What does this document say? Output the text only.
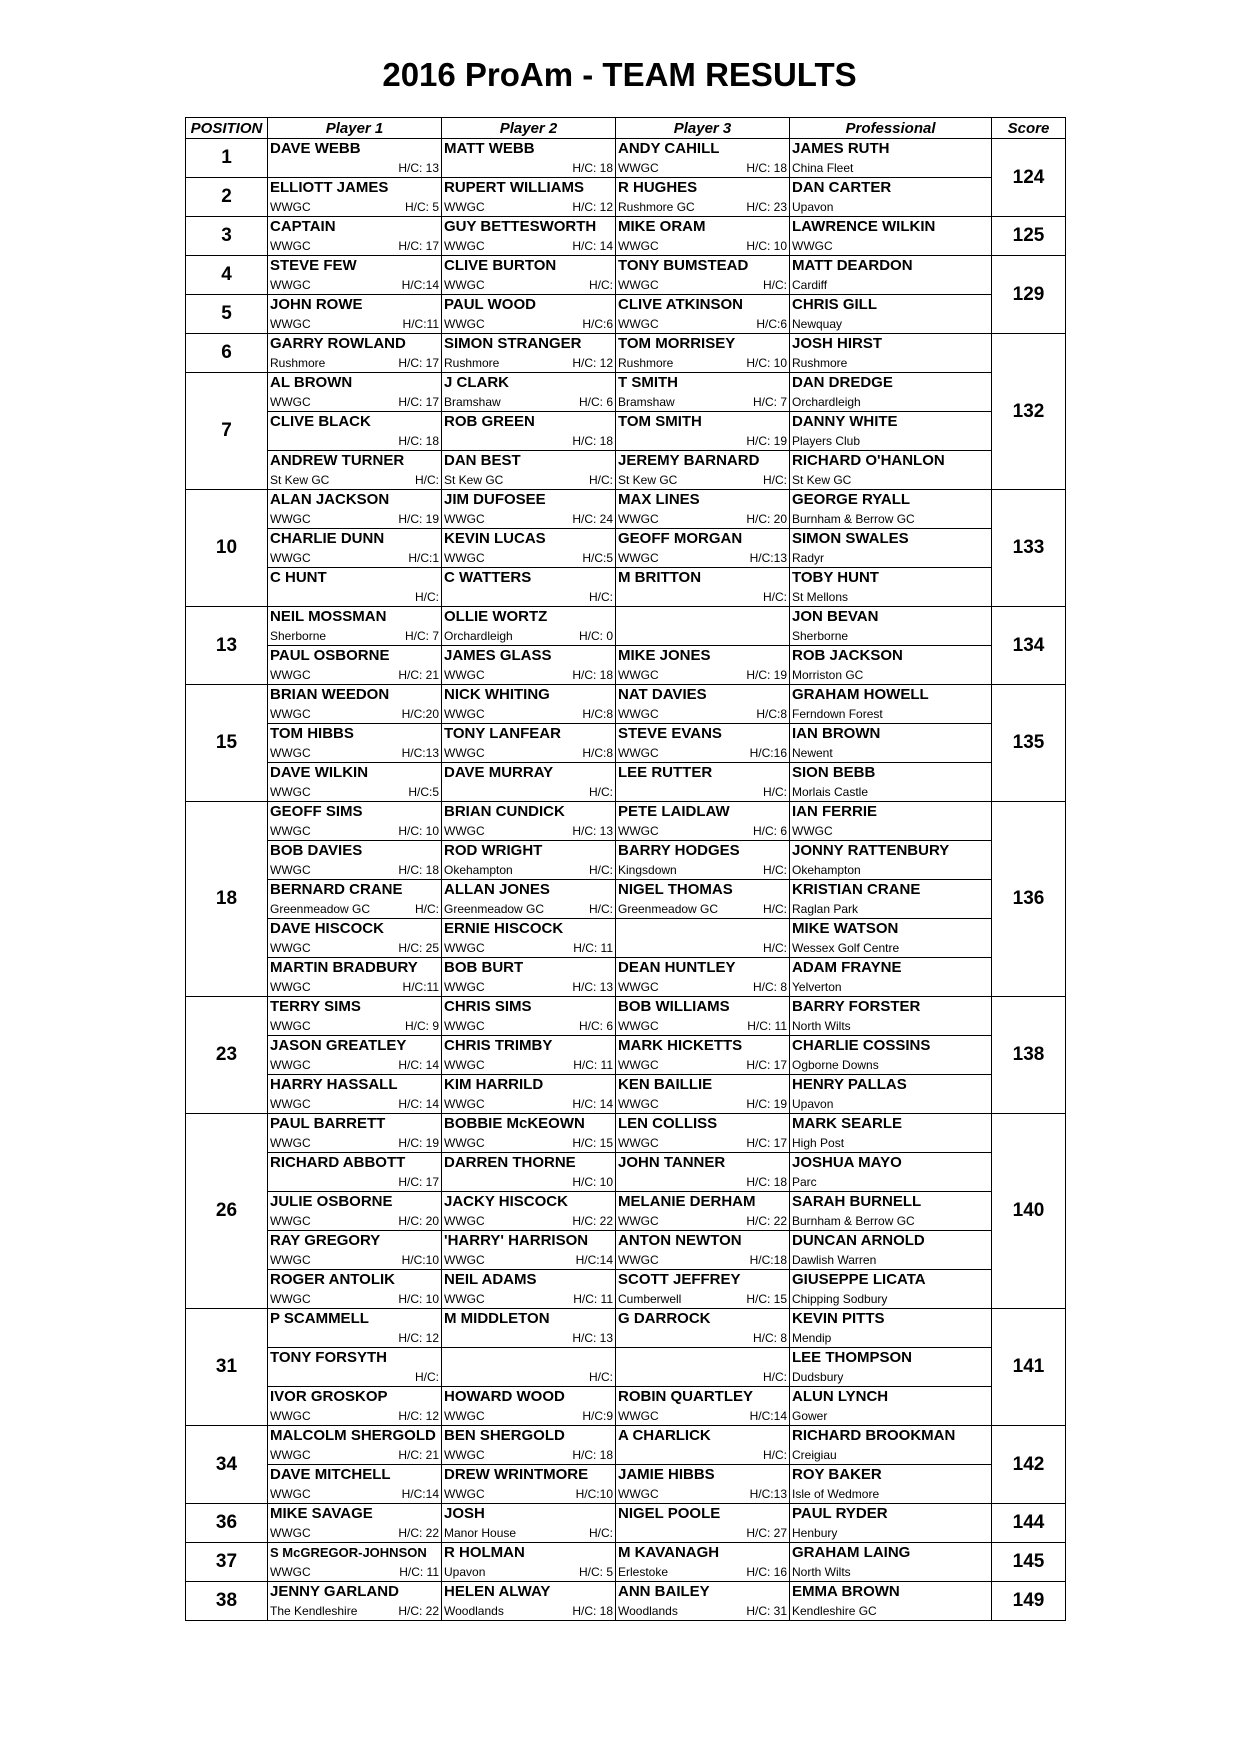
2016 ProAm - TEAM RESULTS
POSITION	Player 1	Player 2	Player 3	Professional	Score
1	DAVE WEBB	MATT WEBB	ANDY CAHILL	JAMES RUTH	124

	H/C: 13	H/C: 18	WWGC H/C: 18	China Fleet	

2	ELLIOTT JAMES	RUPERT WILLIAMS	R HUGHES	DAN CARTER	

	WWGC H/C: 5	WWGC H/C: 12	Rushmore GC H/C: 23	Upavon	

3	CAPTAIN	GUY BETTESWORTH	MIKE ORAM	LAWRENCE WILKIN	125

	WWGC H/C: 17	WWGC H/C: 14	WWGC H/C: 10	WWGC	

4	STEVE FEW	CLIVE BURTON	TONY BUMSTEAD	MATT DEARDON	129

	WWGC H/C:14	WWGC H/C:	WWGC H/C:	Cardiff	

5	JOHN ROWE	PAUL WOOD	CLIVE ATKINSON	CHRIS GILL	

	WWGC H/C:11	WWGC H/C:6	WWGC H/C:6	Newquay	

6	GARRY ROWLAND	SIMON STRANGER	TOM MORRISEY	JOSH HIRST	132

	Rushmore H/C: 17	Rushmore H/C: 12	Rushmore H/C: 10	Rushmore	

7	AL BROWN	J CLARK	T SMITH	DAN DREDGE	

	WWGC H/C: 17	Bramshaw H/C: 6	Bramshaw H/C: 7	Orchardleigh	

	CLIVE BLACK	ROB GREEN	TOM SMITH	DANNY WHITE	

	H/C: 18	H/C: 18	H/C: 19	Players Club	

	ANDREW TURNER	DAN BEST	JEREMY BARNARD	RICHARD O'HANLON	

	St Kew GC H/C:	St Kew GC H/C:	St Kew GC H/C:	St Kew GC	

10	ALAN JACKSON	JIM DUFOSEE	MAX LINES	GEORGE RYALL	133

	WWGC H/C: 19	WWGC H/C: 24	WWGC H/C: 20	Burnham & Berrow GC	

	CHARLIE DUNN	KEVIN LUCAS	GEOFF MORGAN	SIMON SWALES	

	WWGC H/C:1	WWGC H/C:5	WWGC H/C:13	Radyr	

	C HUNT	C WATTERS	M BRITTON	TOBY HUNT	

	H/C:	H/C:	H/C:	St Mellons	

13	NEIL MOSSMAN	OLLIE WORTZ		JON BEVAN	134

	Sherborne H/C: 7	Orchardleigh H/C: 0		Sherborne	

	PAUL OSBORNE	JAMES GLASS	MIKE JONES	ROB JACKSON	

	WWGC H/C: 21	WWGC H/C: 18	WWGC H/C: 19	Morriston GC	

15	BRIAN WEEDON	NICK WHITING	NAT DAVIES	GRAHAM HOWELL	135

	WWGC H/C:20	WWGC H/C:8	WWGC H/C:8	Ferndown Forest	

	TOM HIBBS	TONY LANFEAR	STEVE EVANS	IAN BROWN	

	WWGC H/C:13	WWGC H/C:8	WWGC H/C:16	Newent	

	DAVE WILKIN	DAVE MURRAY	LEE RUTTER	SION BEBB	

	WWGC H/C:5	H/C:	H/C:	Morlais Castle	

18	GEOFF SIMS	BRIAN CUNDICK	PETE LAIDLAW	IAN FERRIE	136

	WWGC H/C: 10	WWGC H/C: 13	WWGC H/C: 6	WWGC	

	BOB DAVIES	ROD WRIGHT	BARRY HODGES	JONNY RATTENBURY	

	WWGC H/C: 18	Okehampton H/C:	Kingsdown H/C:	Okehampton	

	BERNARD CRANE	ALLAN JONES	NIGEL THOMAS	KRISTIAN CRANE	

	Greenmeadow GC H/C:	Greenmeadow GC H/C:	Greenmeadow GC H/C:	Raglan Park	

	DAVE HISCOCK	ERNIE HISCOCK		MIKE WATSON	

	WWGC H/C: 25	WWGC H/C: 11	H/C:	Wessex Golf Centre	

	MARTIN BRADBURY	BOB BURT	DEAN HUNTLEY	ADAM FRAYNE	

	WWGC H/C:11	WWGC H/C: 13	WWGC H/C: 8	Yelverton	

23	TERRY SIMS	CHRIS SIMS	BOB WILLIAMS	BARRY FORSTER	138

	WWGC H/C: 9	WWGC H/C: 6	WWGC H/C: 11	North Wilts	

	JASON GREATLEY	CHRIS TRIMBY	MARK HICKETTS	CHARLIE COSSINS	

	WWGC H/C: 14	WWGC H/C: 11	WWGC H/C: 17	Ogborne Downs	

	HARRY HASSALL	KIM HARRILD	KEN BAILLIE	HENRY PALLAS	

	WWGC H/C: 14	WWGC H/C: 14	WWGC H/C: 19	Upavon	

26	PAUL BARRETT	BOBBIE McKEOWN	LEN COLLISS	MARK SEARLE	140

	WWGC H/C: 19	WWGC H/C: 15	WWGC H/C: 17	High Post	

	RICHARD ABBOTT	DARREN THORNE	JOHN TANNER	JOSHUA MAYO	

	H/C: 17	H/C: 10	H/C: 18	Parc	

	JULIE OSBORNE	JACKY HISCOCK	MELANIE DERHAM	SARAH BURNELL	

	WWGC H/C: 20	WWGC H/C: 22	WWGC H/C: 22	Burnham & Berrow GC	

	RAY GREGORY	'HARRY' HARRISON	ANTON NEWTON	DUNCAN ARNOLD	

	WWGC H/C:10	WWGC H/C:14	WWGC H/C:18	Dawlish Warren	

	ROGER ANTOLIK	NEIL ADAMS	SCOTT JEFFREY	GIUSEPPE LICATA	

	WWGC H/C: 10	WWGC H/C: 11	Cumberwell H/C: 15	Chipping Sodbury	

31	P SCAMMELL	M MIDDLETON	G DARROCK	KEVIN PITTS	141

	H/C: 12	H/C: 13	H/C: 8	Mendip	

	TONY FORSYTH			LEE THOMPSON	

	H/C:	H/C:	H/C:	Dudsbury	

	IVOR GROSKOP	HOWARD WOOD	ROBIN QUARTLEY	ALUN LYNCH	

	WWGC H/C: 12	WWGC H/C:9	WWGC H/C:14	Gower	

34	MALCOLM SHERGOLD	BEN SHERGOLD	A CHARLICK	RICHARD BROOKMAN	142

	WWGC H/C: 21	WWGC H/C: 18	H/C:	Creigiau	

	DAVE MITCHELL	DREW WRINTMORE	JAMIE HIBBS	ROY BAKER	

	WWGC H/C:14	WWGC H/C:10	WWGC H/C:13	Isle of Wedmore	

36	MIKE SAVAGE	JOSH	NIGEL POOLE	PAUL RYDER	144

	WWGC H/C: 22	Manor House H/C:	H/C: 27	Henbury	

37	S McGREGOR-JOHNSON	R HOLMAN	M KAVANAGH	GRAHAM LAING	145

	WWGC H/C: 11	Upavon H/C: 5	Erlestoke H/C: 16	North Wilts	

38	JENNY GARLAND	HELEN ALWAY	ANN BAILEY	EMMA BROWN	149

	The Kendleshire H/C: 22	Woodlands H/C: 18	Woodlands H/C: 31	Kendleshire GC	
